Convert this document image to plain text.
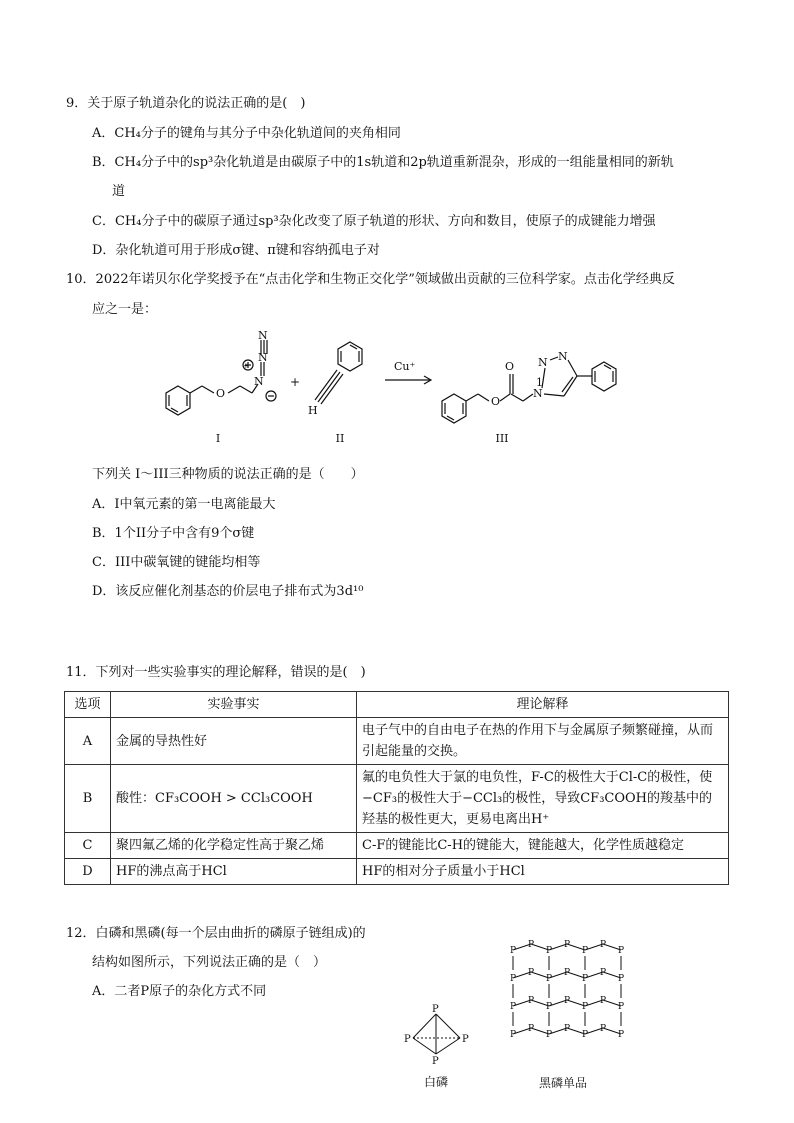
9．关于原子轨道杂化的说法正确的是(　)
A．CH₄分子的键角与其分子中杂化轨道间的夹角相同
B．CH₄分子中的sp³杂化轨道是由碳原子中的1s轨道和2p轨道重新混杂，形成的一组能量相同的新轨
道
C．CH₄分子中的碳原子通过sp³杂化改变了原子轨道的形状、方向和数目，使原子的成键能力增强
D．杂化轨道可用于形成σ键、π键和容纳孤电子对
10．2022年诺贝尔化学奖授予在“点击化学和生物正交化学”领域做出贡献的三位科学家。点击化学经典反
应之一是：
O
N
N
N
+
H
O
O
N
1
N N
Cu⁺
+
I	II	III
下列关 I～III三种物质的说法正确的是（　　）
A．I中氧元素的第一电离能最大
B．1个II分子中含有9个σ键
C．III中碳氧键的键能均相等
D．该反应催化剂基态的价层电子排布式为3d¹⁰
11．下列对一些实验事实的理论解释，错误的是(　)
选项	实验事实	理论解释
A	金属的导热性好	电子气中的自由电子在热的作用下与金属原子频繁碰撞，从而引起能量的交换。
B	酸性：CF₃COOH > CCl₃COOH	氟的电负性大于氯的电负性，F-C的极性大于Cl-C的极性，使−CF₃的极性大于−CCl₃的极性，导致CF₃COOH的羧基中的羟基的极性更大，更易电离出H⁺
C	聚四氟乙烯的化学稳定性高于聚乙烯	C-F的键能比C-H的键能大，键能越大，化学性质越稳定
D	HF的沸点高于HCl	HF的相对分子质量小于HCl
12．白磷和黑磷(每一个层由曲折的磷原子链组成)的
结构如图所示，下列说法正确的是（　）
A．二者P原子的杂化方式不同
P
P	P
P
白磷
P
P
P
P
P
P
P
P
P
P
P
P
P
P
P
P
P
P
P
P
P
P
P
P
P
P
P
P
黑磷单品
